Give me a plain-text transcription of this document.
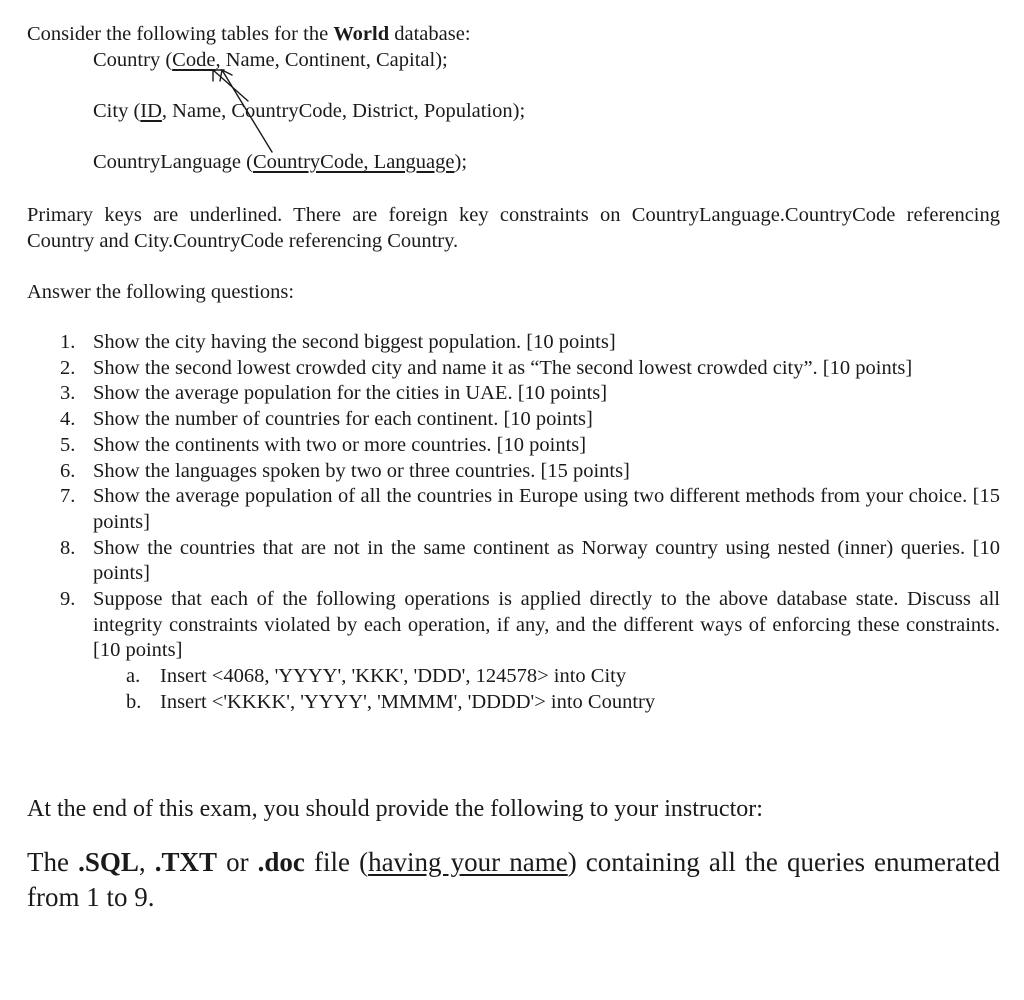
Consider the following tables for the World database:
Country (Code, Name, Continent, Capital);
City (ID, Name, CountryCode, District, Population);
CountryLanguage (CountryCode, Language);
Primary keys are underlined. There are foreign key constraints on CountryLanguage.CountryCode referencing Country and City.CountryCode referencing Country.
Answer the following questions:
1. Show the city having the second biggest population. [10 points]
2. Show the second lowest crowded city and name it as “The second lowest crowded city”. [10 points]
3. Show the average population for the cities in UAE. [10 points]
4. Show the number of countries for each continent. [10 points]
5. Show the continents with two or more countries. [10 points]
6. Show the languages spoken by two or three countries. [15 points]
7. Show the average population of all the countries in Europe using two different methods from your choice. [15 points]
8. Show the countries that are not in the same continent as Norway country using nested (inner) queries. [10 points]
9. Suppose that each of the following operations is applied directly to the above database state. Discuss all integrity constraints violated by each operation, if any, and the different ways of enforcing these constraints. [10 points]
a. Insert <4068, 'YYYY', 'KKK', 'DDD', 124578> into City
b. Insert <'KKKK', 'YYYY', 'MMMM', 'DDDD'> into Country
At the end of this exam, you should provide the following to your instructor:
The .SQL, .TXT or .doc file (having your name) containing all the queries enumerated from 1 to 9.
